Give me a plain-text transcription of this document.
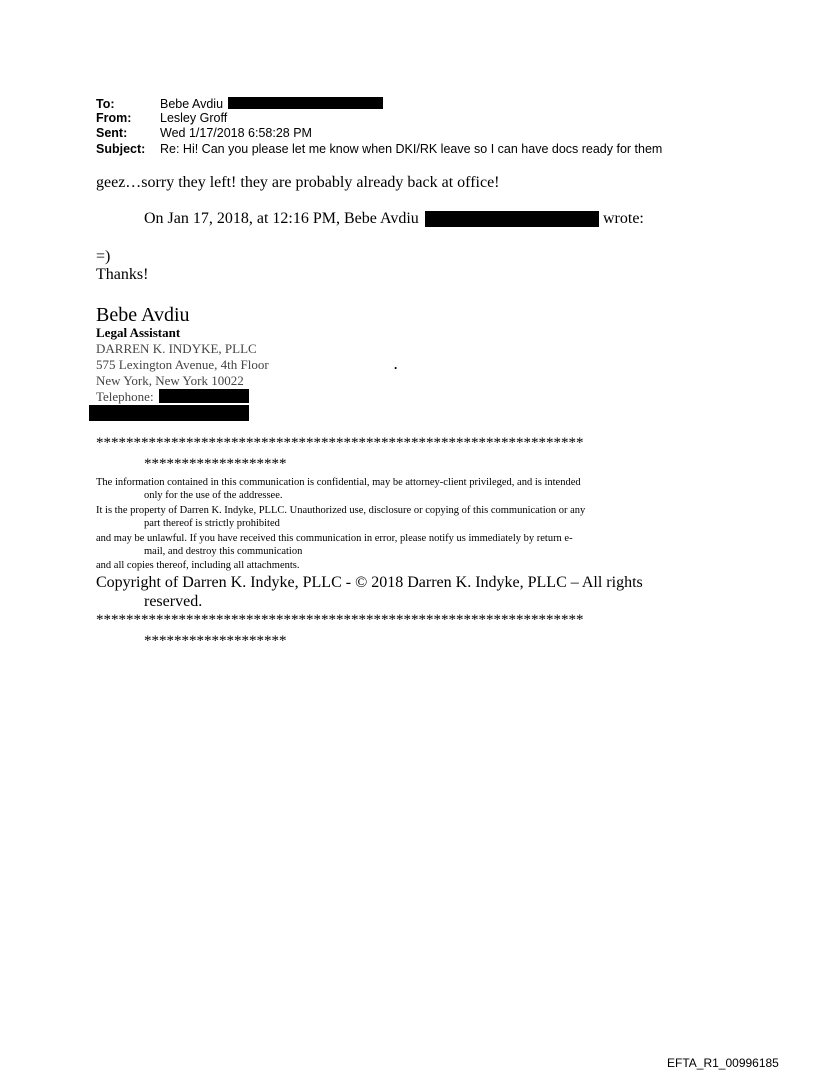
To:	Bebe Avdiu
From: Lesley Groff
Sent:	Wed 1/17/2018 6:58:28 PM
Subject: Re: Hi! Can you please let me know when DKI/RK leave so I can have docs ready for them
geez…sorry they left! they are probably already back at office!
On Jan 17, 2018, at 12:16 PM, Bebe Avdiu	wrote:
=)
Thanks!
Bebe Avdiu
Legal Assistant
DARREN K. INDYKE, PLLC
575 Lexington Avenue, 4th Floor	.
New York, New York 10022
Telephone:
*****************************************************************
*******************
The information contained in this communication is confidential, may be attorney-client privileged, and is intended
only for the use of the addressee.
It is the property of Darren K. Indyke, PLLC. Unauthorized use, disclosure or copying of this communication or any
part thereof is strictly prohibited
and may be unlawful. If you have received this communication in error, please notify us immediately by return e-
mail, and destroy this communication
and all copies thereof, including all attachments.
Copyright of Darren K. Indyke, PLLC - © 2018 Darren K. Indyke, PLLC – All rights
reserved.
*****************************************************************
*******************
EFTA_R1_00996185
